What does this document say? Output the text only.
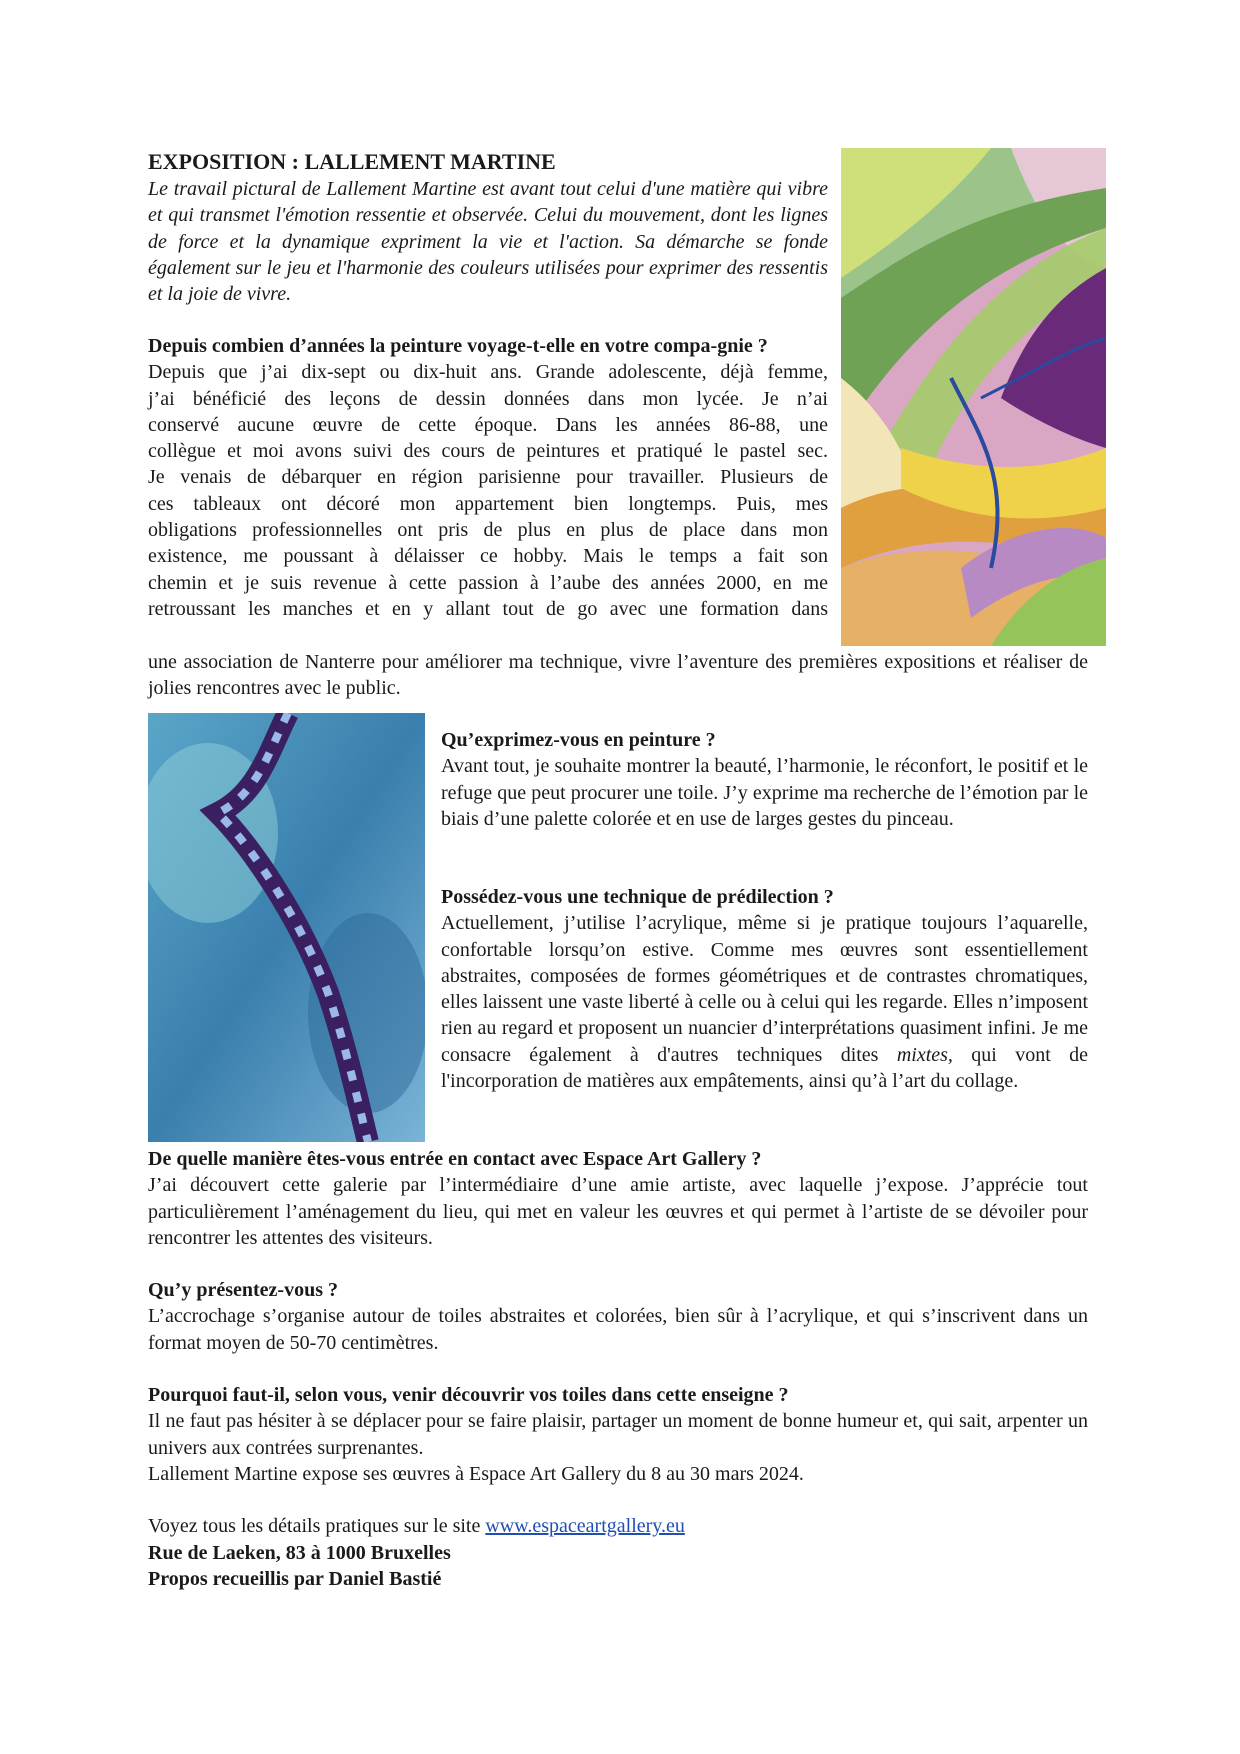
EXPOSITION : LALLEMENT MARTINE

Le travail pictural de Lallement Martine est avant tout celui d'une matière qui vibre et qui transmet l'émotion ressentie et observée. Celui du mouvement, dont les lignes de force et la dynamique expriment la vie et l'action. Sa démarche se fonde également sur le jeu et l'harmonie des couleurs utilisées pour exprimer des ressentis et la joie de vivre.

Depuis combien d’années la peinture voyage-t-elle en votre compa-gnie ?

Depuis que j’ai dix-sept ou dix-huit ans. Grande adolescente, déjà femme,
j’ai bénéficié des leçons de dessin données dans mon lycée. Je n’ai
conservé aucune œuvre de cette époque. Dans les années 86-88, une
collègue et moi avons suivi des cours de peintures et pratiqué le pastel sec.
Je venais de débarquer en région parisienne pour travailler. Plusieurs de
ces tableaux ont décoré mon appartement bien longtemps. Puis, mes
obligations professionnelles ont pris de plus en plus de place dans mon
existence, me poussant à délaisser ce hobby. Mais le temps a fait son
chemin et je suis revenue à cette passion à l’aube des années 2000, en me
retroussant les manches et en y allant tout de go avec une formation dans

une association de Nanterre pour améliorer ma technique, vivre l’aventure des premières expositions et réaliser de jolies rencontres avec le public.

Qu’exprimez-vous en peinture ?

Avant tout, je souhaite montrer la beauté, l’harmonie, le réconfort, le positif et le refuge que peut procurer une toile. J’y exprime ma recherche de l’émotion par le biais d’une palette colorée et en use de larges gestes du pinceau.

Possédez-vous une technique de prédilection ?

Actuellement, j’utilise l’acrylique, même si je pratique toujours l’aquarelle, confortable lorsqu’on estive. Comme mes œuvres sont essentiellement abstraites, composées de formes géométriques et de contrastes chromatiques, elles laissent une vaste liberté à celle ou à celui qui les regarde. Elles n’imposent rien au regard et proposent un nuancier d’interprétations quasiment infini. Je me consacre également à d'autres techniques dites mixtes, qui vont de l'incorporation de matières aux empâtements, ainsi qu’à l’art du collage.

De quelle manière êtes-vous entrée en contact avec Espace Art Gallery ?

J’ai découvert cette galerie par l’intermédiaire d’une amie artiste, avec laquelle j’expose. J’apprécie tout particulièrement l’aménagement du lieu, qui met en valeur les œuvres et qui permet à l’artiste de se dévoiler pour rencontrer les attentes des visiteurs.

Qu’y présentez-vous ?

L’accrochage s’organise autour de toiles abstraites et colorées, bien sûr à l’acrylique, et qui s’inscrivent dans un format moyen de 50-70 centimètres.

Pourquoi faut-il, selon vous, venir découvrir vos toiles dans cette enseigne ?

Il ne faut pas hésiter à se déplacer pour se faire plaisir, partager un moment de bonne humeur et, qui sait, arpenter un univers aux contrées surprenantes.

Lallement Martine expose ses œuvres à Espace Art Gallery du 8 au 30 mars 2024.

Voyez tous les détails pratiques sur le site www.espaceartgallery.eu

Rue de Laeken, 83 à 1000 Bruxelles

Propos recueillis par Daniel Bastié
